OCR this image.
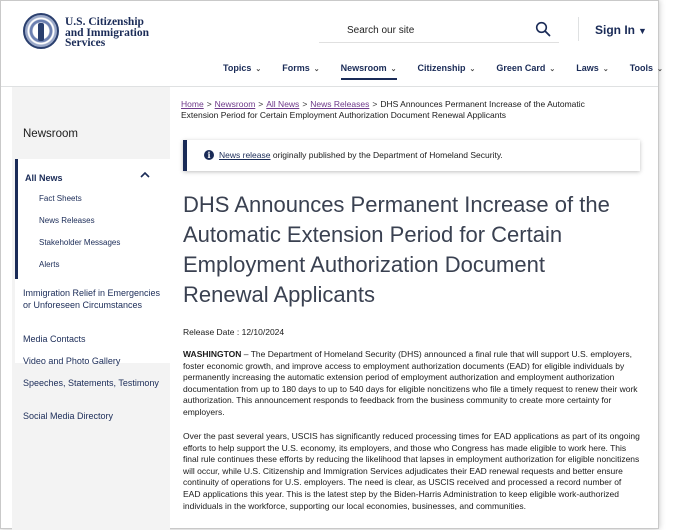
U.S. Citizenship
and Immigration
Services
Search our site
Sign In ▼
Topics ⌄ Forms ⌄ Newsroom ⌄ Citizenship ⌄ Green Card ⌄ Laws ⌄ Tools ⌄
Newsroom
All News
Fact Sheets
News Releases
Stakeholder Messages
Alerts
Immigration Relief in Emergencies or Unforeseen Circumstances
Media Contacts
Video and Photo Gallery
Speeches, Statements, Testimony
Social Media Directory
Home > Newsroom > All News > News Releases > DHS Announces Permanent Increase of the Automatic Extension Period for Certain Employment Authorization Document Renewal Applicants
i News release originally published by the Department of Homeland Security.
DHS Announces Permanent Increase of the Automatic Extension Period for Certain Employment Authorization Document Renewal Applicants
Release Date : 12/10/2024

WASHINGTON – The Department of Homeland Security (DHS) announced a final rule that will support U.S. employers, foster economic growth, and improve access to employment authorization documents (EAD) for eligible individuals by permanently increasing the automatic extension period of employment authorization and employment authorization documentation from up to 180 days to up to 540 days for eligible noncitizens who file a timely request to renew their work authorization. This announcement responds to feedback from the business community to create more certainty for employers.

Over the past several years, USCIS has significantly reduced processing times for EAD applications as part of its ongoing efforts to help support the U.S. economy, its employers, and those who Congress has made eligible to work here. This final rule continues these efforts by reducing the likelihood that lapses in employment authorization for eligible noncitizens will occur, while U.S. Citizenship and Immigration Services adjudicates their EAD renewal requests and better ensure continuity of operations for U.S. employers. The need is clear, as USCIS received and processed a record number of EAD applications this year. This is the latest step by the Biden-Harris Administration to keep eligible work-authorized individuals in the workforce, supporting our local economies, businesses, and communities.
